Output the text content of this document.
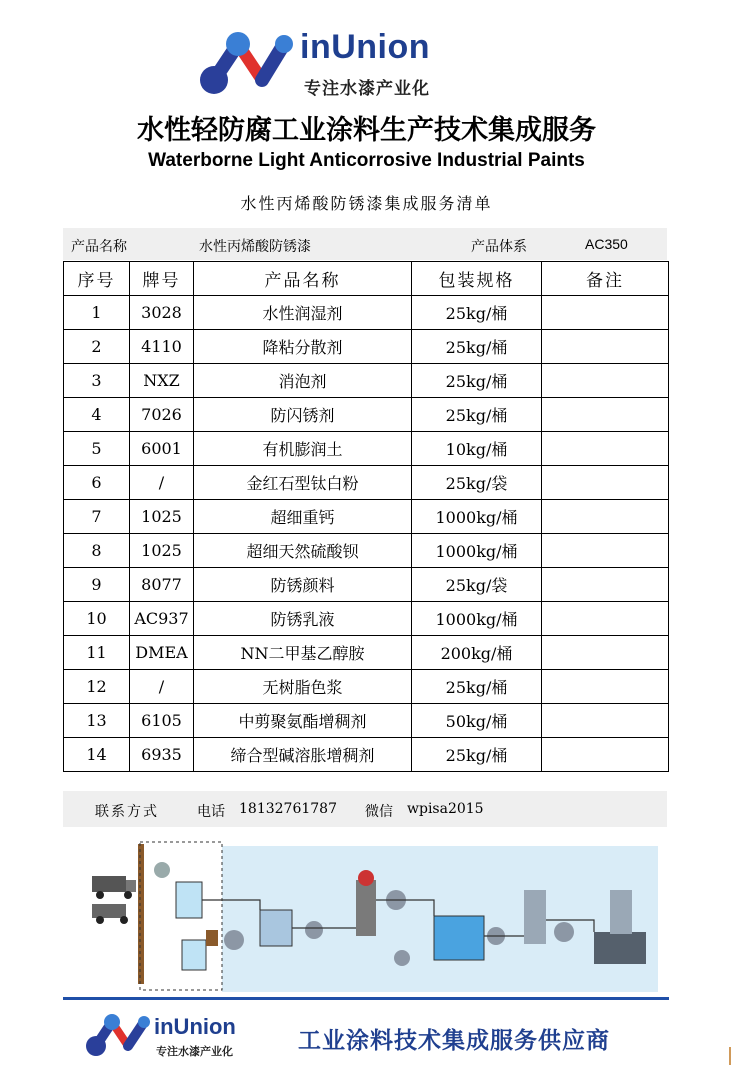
inUnion
专注水漆产业化
水性轻防腐工业涂料生产技术集成服务
Waterborne Light Anticorrosive Industrial Paints
水性丙烯酸防锈漆集成服务清单
产品名称	水性丙烯酸防锈漆	产品体系	AC350
序号	牌号	产品名称	包装规格	备注
1	3028	水性润湿剂	25kg/桶	
2	4110	降粘分散剂	25kg/桶	
3	NXZ	消泡剂	25kg/桶	
4	7026	防闪锈剂	25kg/桶	
5	6001	有机膨润土	10kg/桶	
6	/	金红石型钛白粉	25kg/袋	
7	1025	超细重钙	1000kg/桶	
8	1025	超细天然硫酸钡	1000kg/桶	
9	8077	防锈颜料	25kg/袋	
10	AC937	防锈乳液	1000kg/桶	
11	DMEA	NN二甲基乙醇胺	200kg/桶	
12	/	无树脂色浆	25kg/桶	
13	6105	中剪聚氨酯增稠剂	50kg/桶	
14	6935	缔合型碱溶胀增稠剂	25kg/桶	
联系方式	电话 18132761787 微信 wpisa2015
inUnion
专注水漆产业化	工业涂料技术集成服务供应商
